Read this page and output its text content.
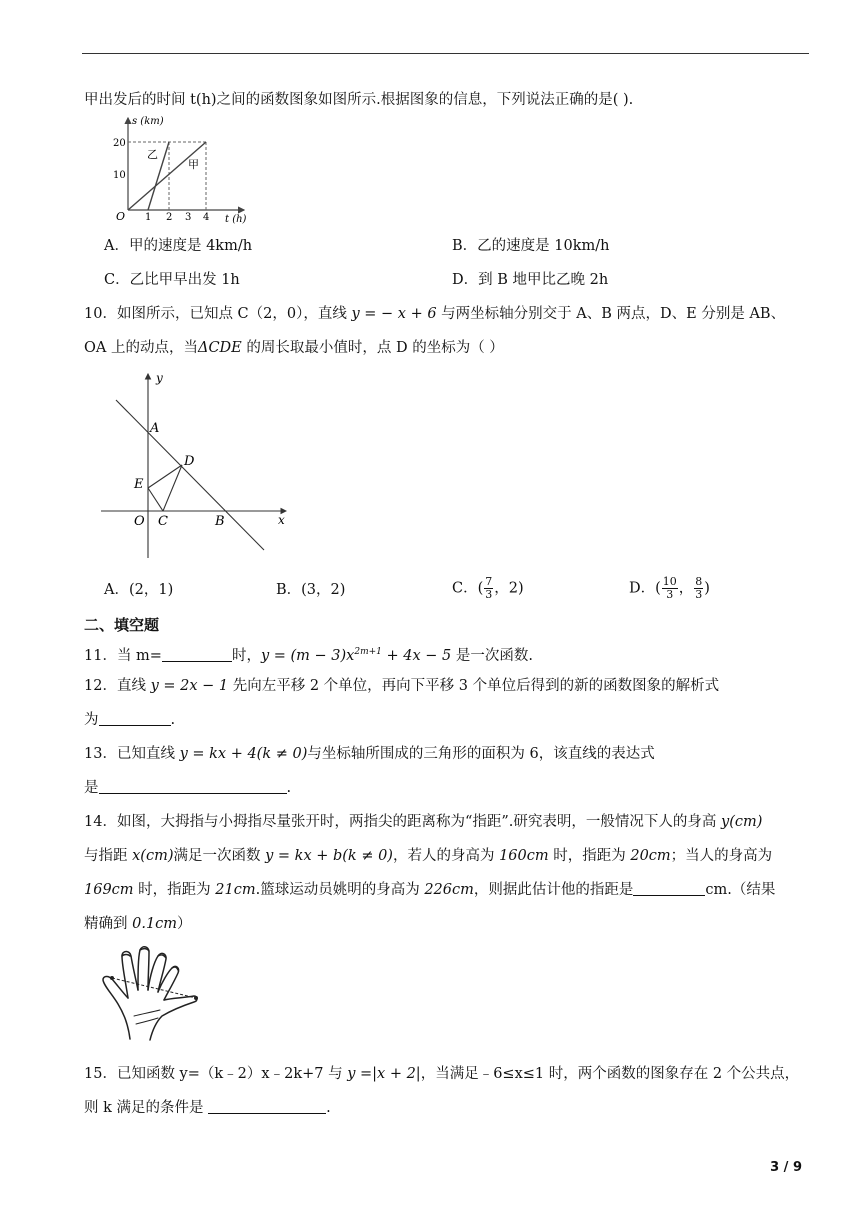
甲出发后的时间 t(h)之间的函数图象如图所示.根据图象的信息，下列说法正确的是( ).
s (km)
t (h)
O
10
20
1 2 3 4
乙
甲
A．甲的速度是 4km/h	B．乙的速度是 10km/h
C．乙比甲早出发 1h	D．到 B 地甲比乙晚 2h
10．如图所示，已知点 C（2，0），直线 y = − x + 6 与两坐标轴分别交于 A、B 两点，D、E 分别是 AB、
OA 上的动点，当ΔCDE 的周长取最小值时，点 D 的坐标为（ ）
y
x
A
B
C
D
E
O
A．(2，1)	B．(3，2)	C．( $\frac{7}{3}$ ，2)	D．( $\frac{10}{3}$ ， $\frac{8}{3}$ )
二、填空题
11．当 m=	时，$y = (m - 3)x^{2m+1} + 4x - 5$ 是一次函数.
12．直线 y = 2x − 1 先向左平移 2 个单位，再向下平移 3 个单位后得到的新的函数图象的解析式
为	.
13．已知直线 y = kx + 4(k ≠ 0)与坐标轴所围成的三角形的面积为 6，该直线的表达式
是	.
14．如图，大拇指与小拇指尽量张开时，两指尖的距离称为“指距”.研究表明，一般情况下人的身高 y(cm)
与指距 x(cm)满足一次函数 y = kx + b(k ≠ 0)，若人的身高为 160cm 时，指距为 20cm；当人的身高为
169cm 时，指距为 21cm.篮球运动员姚明的身高为 226cm，则据此估计他的指距是	cm.（结果
精确到 0.1cm）
15．已知函数 y=（k﹣2）x﹣2k+7 与 y =|x + 2|，当满足﹣6≤x≤1 时，两个函数的图象存在 2 个公共点，
则 k 满足的条件是	.
3 / 9
